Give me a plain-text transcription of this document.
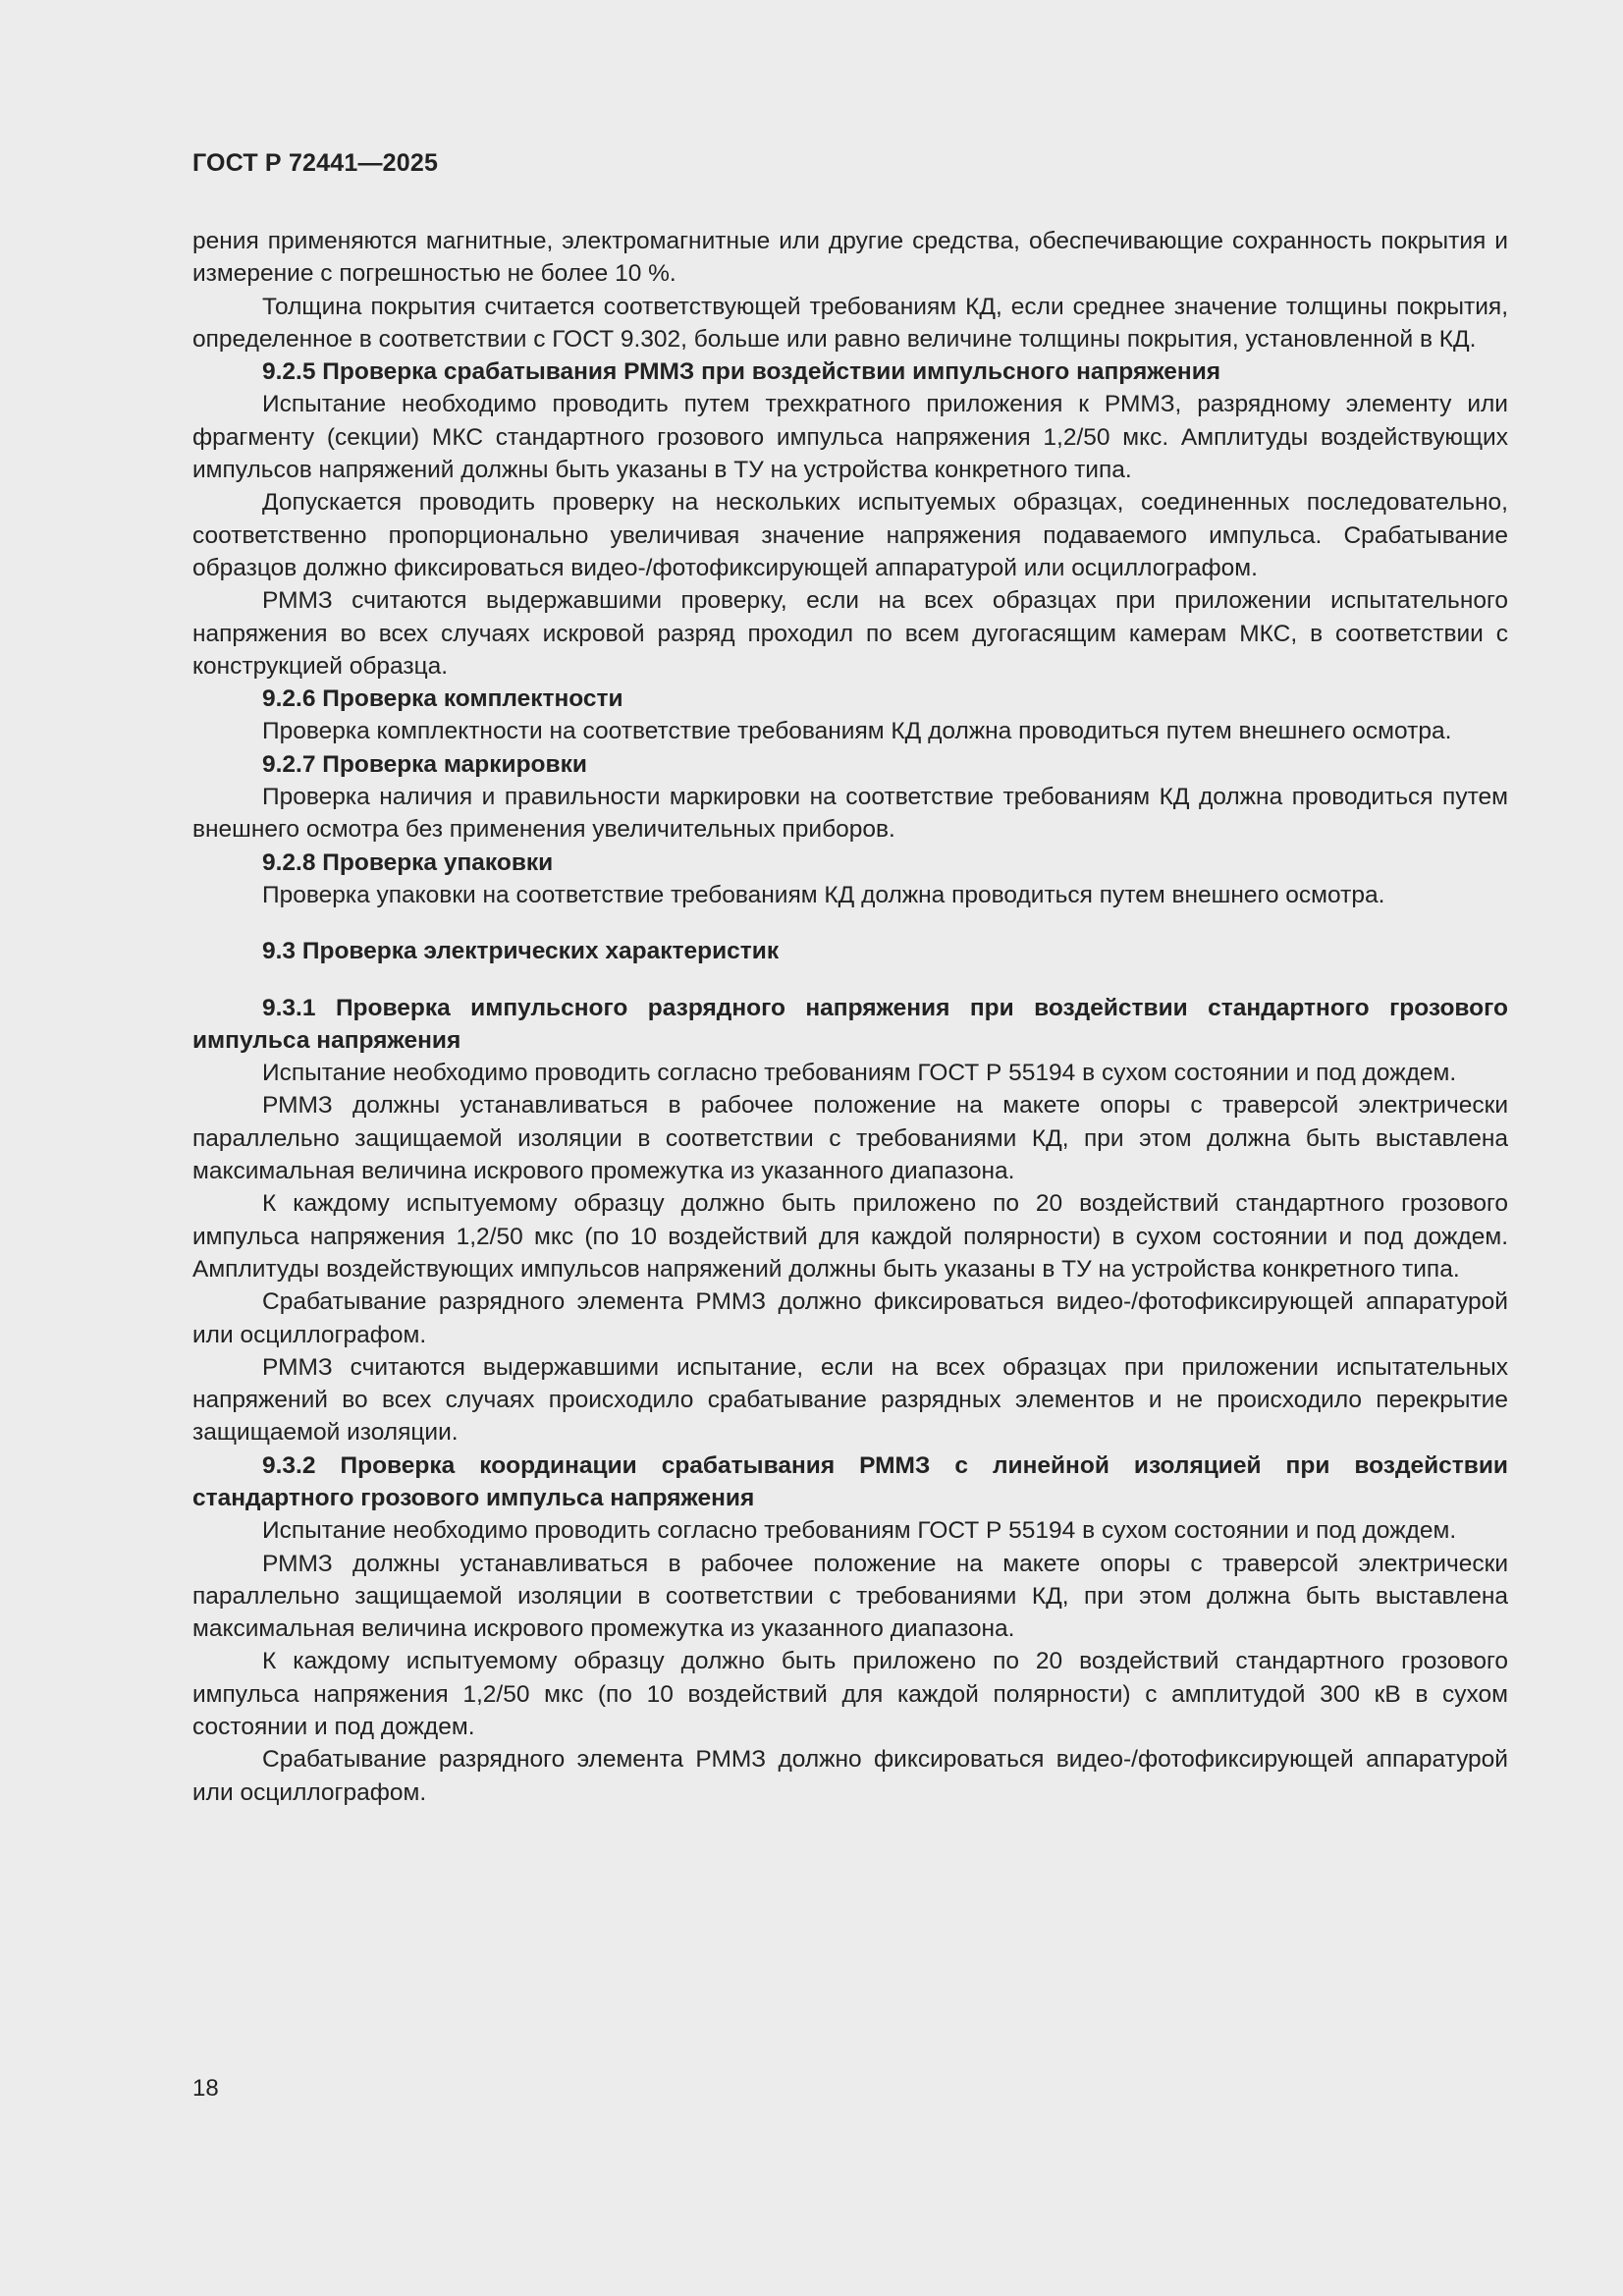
ГОСТ Р 72441—2025

рения применяются магнитные, электромагнитные или другие средства, обеспечивающие сохранность покрытия и измерение с погрешностью не более 10 %.

Толщина покрытия считается соответствующей требованиям КД, если среднее значение толщины покрытия, определенное в соответствии с ГОСТ 9.302, больше или равно величине толщины покрытия, установленной в КД.

9.2.5 Проверка срабатывания РММЗ при воздействии импульсного напряжения

Испытание необходимо проводить путем трехкратного приложения к РММЗ, разрядному элементу или фрагменту (секции) МКС стандартного грозового импульса напряжения 1,2/50 мкс. Амплитуды воздействующих импульсов напряжений должны быть указаны в ТУ на устройства конкретного типа.

Допускается проводить проверку на нескольких испытуемых образцах, соединенных последовательно, соответственно пропорционально увеличивая значение напряжения подаваемого импульса. Срабатывание образцов должно фиксироваться видео-/фотофиксирующей аппаратурой или осциллографом.

РММЗ считаются выдержавшими проверку, если на всех образцах при приложении испытательного напряжения во всех случаях искровой разряд проходил по всем дугогасящим камерам МКС, в соответствии с конструкцией образца.

9.2.6 Проверка комплектности

Проверка комплектности на соответствие требованиям КД должна проводиться путем внешнего осмотра.

9.2.7 Проверка маркировки

Проверка наличия и правильности маркировки на соответствие требованиям КД должна проводиться путем внешнего осмотра без применения увеличительных приборов.

9.2.8 Проверка упаковки

Проверка упаковки на соответствие требованиям КД должна проводиться путем внешнего осмотра.

9.3 Проверка электрических характеристик

9.3.1 Проверка импульсного разрядного напряжения при воздействии стандартного грозового импульса напряжения

Испытание необходимо проводить согласно требованиям ГОСТ Р 55194 в сухом состоянии и под дождем.

РММЗ должны устанавливаться в рабочее положение на макете опоры с траверсой электрически параллельно защищаемой изоляции в соответствии с требованиями КД, при этом должна быть выставлена максимальная величина искрового промежутка из указанного диапазона.

К каждому испытуемому образцу должно быть приложено по 20 воздействий стандартного грозового импульса напряжения 1,2/50 мкс (по 10 воздействий для каждой полярности) в сухом состоянии и под дождем. Амплитуды воздействующих импульсов напряжений должны быть указаны в ТУ на устройства конкретного типа.

Срабатывание разрядного элемента РММЗ должно фиксироваться видео-/фотофиксирующей аппаратурой или осциллографом.

РММЗ считаются выдержавшими испытание, если на всех образцах при приложении испытательных напряжений во всех случаях происходило срабатывание разрядных элементов и не происходило перекрытие защищаемой изоляции.

9.3.2 Проверка координации срабатывания РММЗ с линейной изоляцией при воздействии стандартного грозового импульса напряжения

Испытание необходимо проводить согласно требованиям ГОСТ Р 55194 в сухом состоянии и под дождем.

РММЗ должны устанавливаться в рабочее положение на макете опоры с траверсой электрически параллельно защищаемой изоляции в соответствии с требованиями КД, при этом должна быть выставлена максимальная величина искрового промежутка из указанного диапазона.

К каждому испытуемому образцу должно быть приложено по 20 воздействий стандартного грозового импульса напряжения 1,2/50 мкс (по 10 воздействий для каждой полярности) с амплитудой 300 кВ в сухом состоянии и под дождем.

Срабатывание разрядного элемента РММЗ должно фиксироваться видео-/фотофиксирующей аппаратурой или осциллографом.

18
